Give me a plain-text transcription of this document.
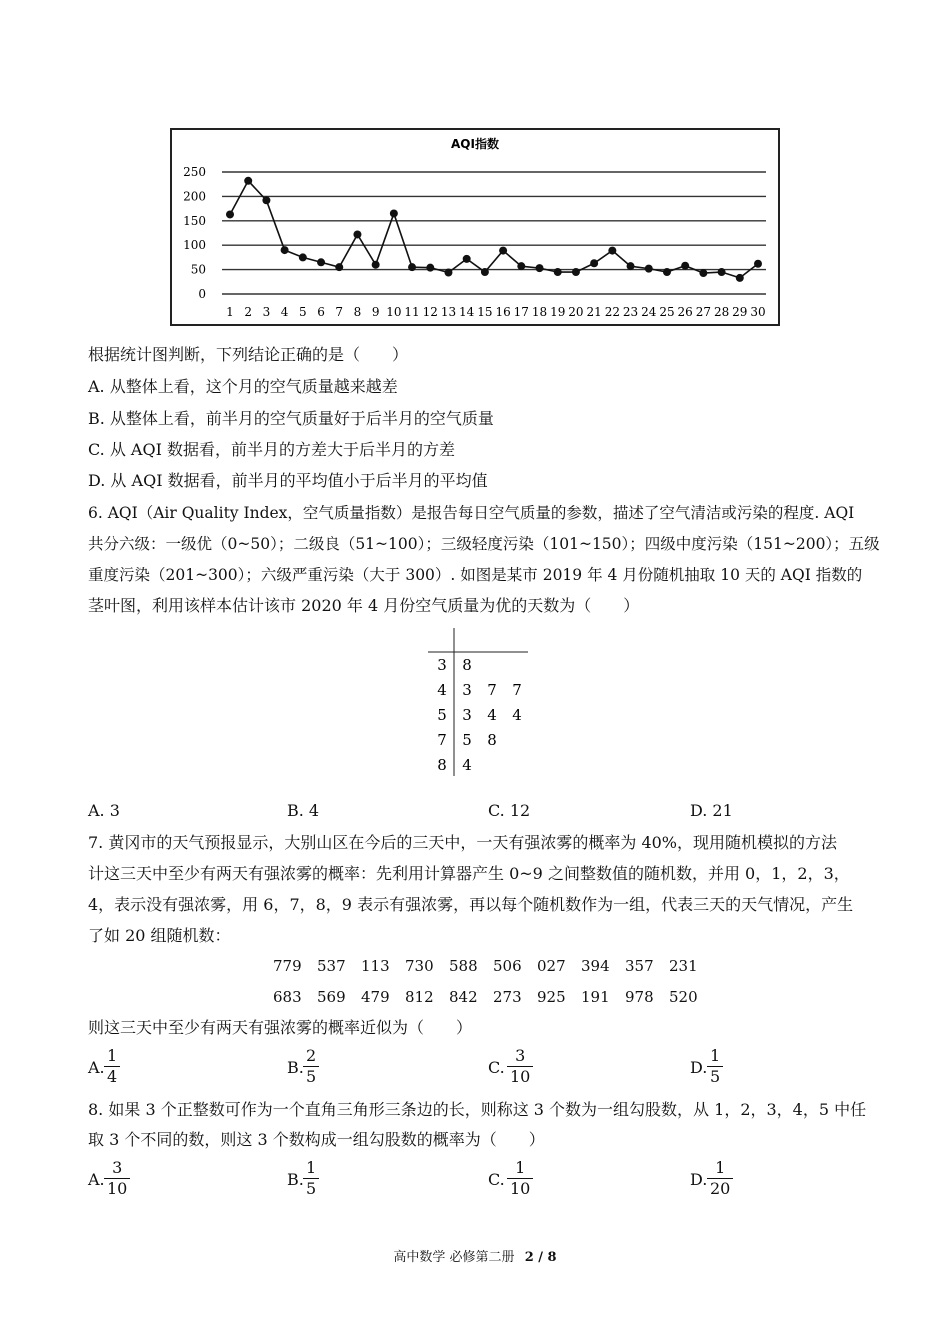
AQI指数
0
50
100
150
200
250
1 2 3 4 5 6 7 8 9 10 11 12 13 14 15 16 17 18 19 20 21 22 23 24 25 26 27 28 29 30
根据统计图判断，下列结论正确的是（　　）
A. 从整体上看，这个月的空气质量越来越差
B. 从整体上看，前半月的空气质量好于后半月的空气质量
C. 从 AQI 数据看，前半月的方差大于后半月的方差
D. 从 AQI 数据看，前半月的平均值小于后半月的平均值
6. AQI（Air Quality Index，空气质量指数）是报告每日空气质量的参数，描述了空气清洁或污染的程度. AQI
共分六级：一级优（0~50）；二级良（51~100）；三级轻度污染（101~150）；四级中度污染（151~200）；五级
重度污染（201~300）；六级严重污染（大于 300）. 如图是某市 2019 年 4 月份随机抽取 10 天的 AQI 指数的
茎叶图，利用该样本估计该市 2020 年 4 月份空气质量为优的天数为（　　）
3 8
4 3 7 7
5 3 4 4
7 5 8
8 4
A. 3	B. 4	C. 12	D. 21
7. 黄冈市的天气预报显示，大别山区在今后的三天中，一天有强浓雾的概率为 40%，现用随机模拟的方法
计这三天中至少有两天有强浓雾的概率：先利用计算器产生 0~9 之间整数值的随机数，并用 0，1，2，3，
4，表示没有强浓雾，用 6，7，8，9 表示有强浓雾，再以每个随机数作为一组，代表三天的天气情况，产生
了如 20 组随机数：
779 537 113 730 588 506 027 394 357 231
683 569 479 812 842 273 925 191 978 520
则这三天中至少有两天有强浓雾的概率近似为（　　）
A.
1
4	B.
2
5	C.
3
10	D.
1
5
8. 如果 3 个正整数可作为一个直角三角形三条边的长，则称这 3 个数为一组勾股数，从 1，2，3，4，5 中任
取 3 个不同的数，则这 3 个数构成一组勾股数的概率为（　　）
A.
3
10	B.
1
5	C.
1
10	D.
1
20
高中数学 必修第二册 2 / 8
